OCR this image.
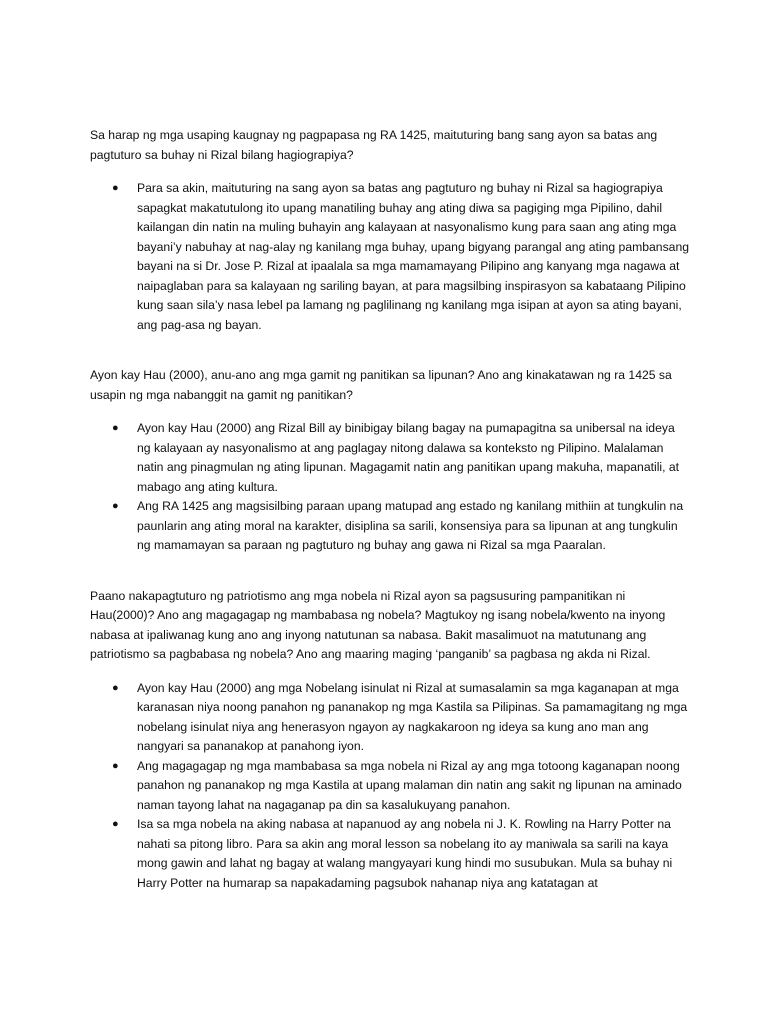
Sa harap ng mga usaping kaugnay ng pagpapasa ng RA 1425, maituturing bang sang ayon sa batas ang pagtuturo sa buhay ni Rizal bilang hagiograpiya?

● Para sa akin, maituturing na sang ayon sa batas ang pagtuturo ng buhay ni Rizal sa hagiograpiya sapagkat makatutulong ito upang manatiling buhay ang ating diwa sa pagiging mga Pipilino, dahil kailangan din natin na muling buhayin ang kalayaan at nasyonalismo kung para saan ang ating mga bayani’y nabuhay at nag-alay ng kanilang mga buhay, upang bigyang parangal ang ating pambansang bayani na si Dr. Jose P. Rizal at ipaalala sa mga mamamayang Pilipino ang kanyang mga nagawa at naipaglaban para sa kalayaan ng sariling bayan, at para magsilbing inspirasyon sa kabataang Pilipino kung saan sila’y nasa lebel pa lamang ng paglilinang ng kanilang mga isipan at ayon sa ating bayani, ang pag-asa ng bayan.

Ayon kay Hau (2000), anu-ano ang mga gamit ng panitikan sa lipunan? Ano ang kinakatawan ng ra 1425 sa usapin ng mga nabanggit na gamit ng panitikan?

● Ayon kay Hau (2000) ang Rizal Bill ay binibigay bilang bagay na pumapagitna sa unibersal na ideya ng kalayaan ay nasyonalismo at ang paglagay nitong dalawa sa konteksto ng Pilipino. Malalaman natin ang pinagmulan ng ating lipunan. Magagamit natin ang panitikan upang makuha, mapanatili, at mabago ang ating kultura.
● Ang RA 1425 ang magsisilbing paraan upang matupad ang estado ng kanilang mithiin at tungkulin na paunlarin ang ating moral na karakter, disiplina sa sarili, konsensiya para sa lipunan at ang tungkulin ng mamamayan sa paraan ng pagtuturo ng buhay ang gawa ni Rizal sa mga Paaralan.

Paano nakapagtuturo ng patriotismo ang mga nobela ni Rizal ayon sa pagsusuring pampanitikan ni Hau(2000)? Ano ang magagagap ng mambabasa ng nobela? Magtukoy ng isang nobela/kwento na inyong nabasa at ipaliwanag kung ano ang inyong natutunan sa nabasa. Bakit masalimuot na matutunang ang patriotismo sa pagbabasa ng nobela? Ano ang maaring maging ‘panganib’ sa pagbasa ng akda ni Rizal.

● Ayon kay Hau (2000) ang mga Nobelang isinulat ni Rizal at sumasalamin sa mga kaganapan at mga karanasan niya noong panahon ng pananakop ng mga Kastila sa Pilipinas. Sa pamamagitang ng mga nobelang isinulat niya ang henerasyon ngayon ay nagkakaroon ng ideya sa kung ano man ang nangyari sa pananakop at panahong iyon.
● Ang magagagap ng mga mambabasa sa mga nobela ni Rizal ay ang mga totoong kaganapan noong panahon ng pananakop ng mga Kastila at upang malaman din natin ang sakit ng lipunan na aminado naman tayong lahat na nagaganap pa din sa kasalukuyang panahon.
● Isa sa mga nobela na aking nabasa at napanuod ay ang nobela ni J. K. Rowling na Harry Potter na nahati sa pitong libro. Para sa akin ang moral lesson sa nobelang ito ay maniwala sa sarili na kaya mong gawin and lahat ng bagay at walang mangyayari kung hindi mo susubukan. Mula sa buhay ni Harry Potter na humarap sa napakadaming pagsubok nahanap niya ang katatagan at
